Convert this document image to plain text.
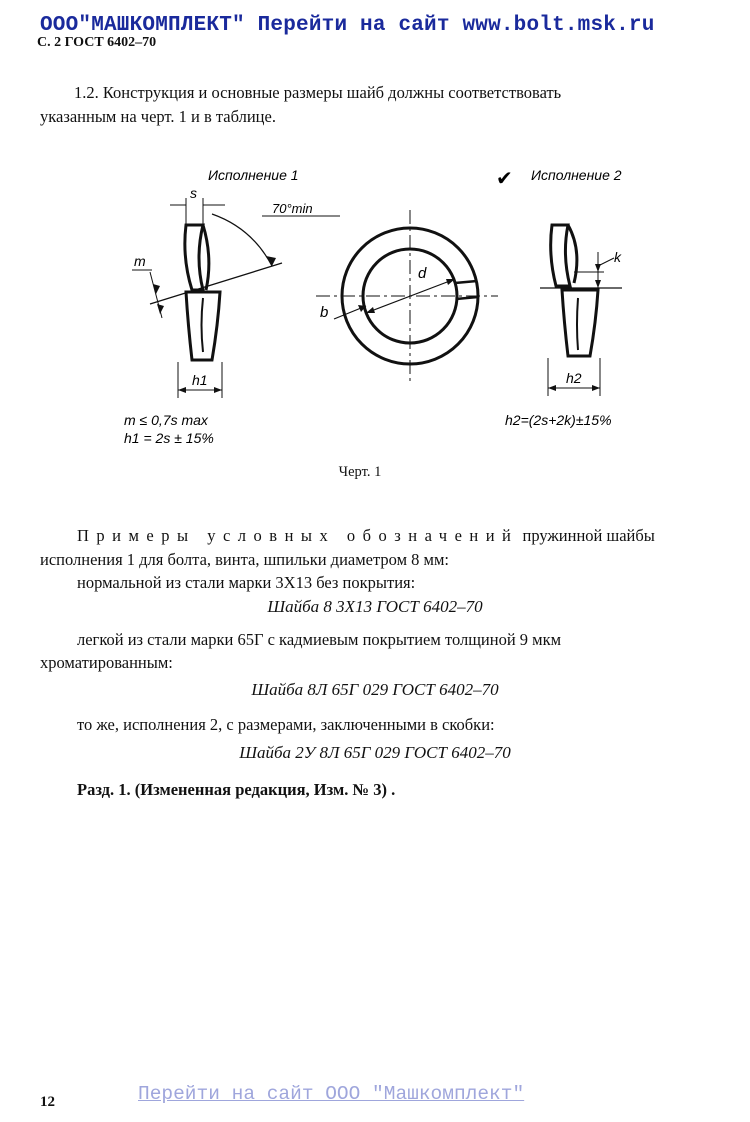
ООО"МАШКОМПЛЕКТ" Перейти на сайт www.bolt.msk.ru
С. 2 ГОСТ 6402–70
1.2. Конструкция и основные размеры шайб должны соответствовать
указанным на черт. 1 и в таблице.
Исполнение 1
s
70°min
m
h1
m ≤ 0,7s max
h1 = 2s ± 15%
d
b
✔ Исполнение 2
k
h2
h2=(2s+2k)±15%
Черт. 1
Примеры условных обозначений пружинной шайбы
исполнения 1 для болта, винта, шпильки диаметром 8 мм:
нормальной из стали марки 3Х13 без покрытия:
Шайба 8 3Х13 ГОСТ 6402–70
легкой из стали марки 65Г с кадмиевым покрытием толщиной 9 мкм
хроматированным:
Шайба 8Л 65Г 029 ГОСТ 6402–70
то же, исполнения 2, с размерами, заключенными в скобки:
Шайба 2У 8Л 65Г 029 ГОСТ 6402–70
Разд. 1. (Измененная редакция, Изм. № 3) .
Перейти на сайт ООО "Машкомплект"
12
